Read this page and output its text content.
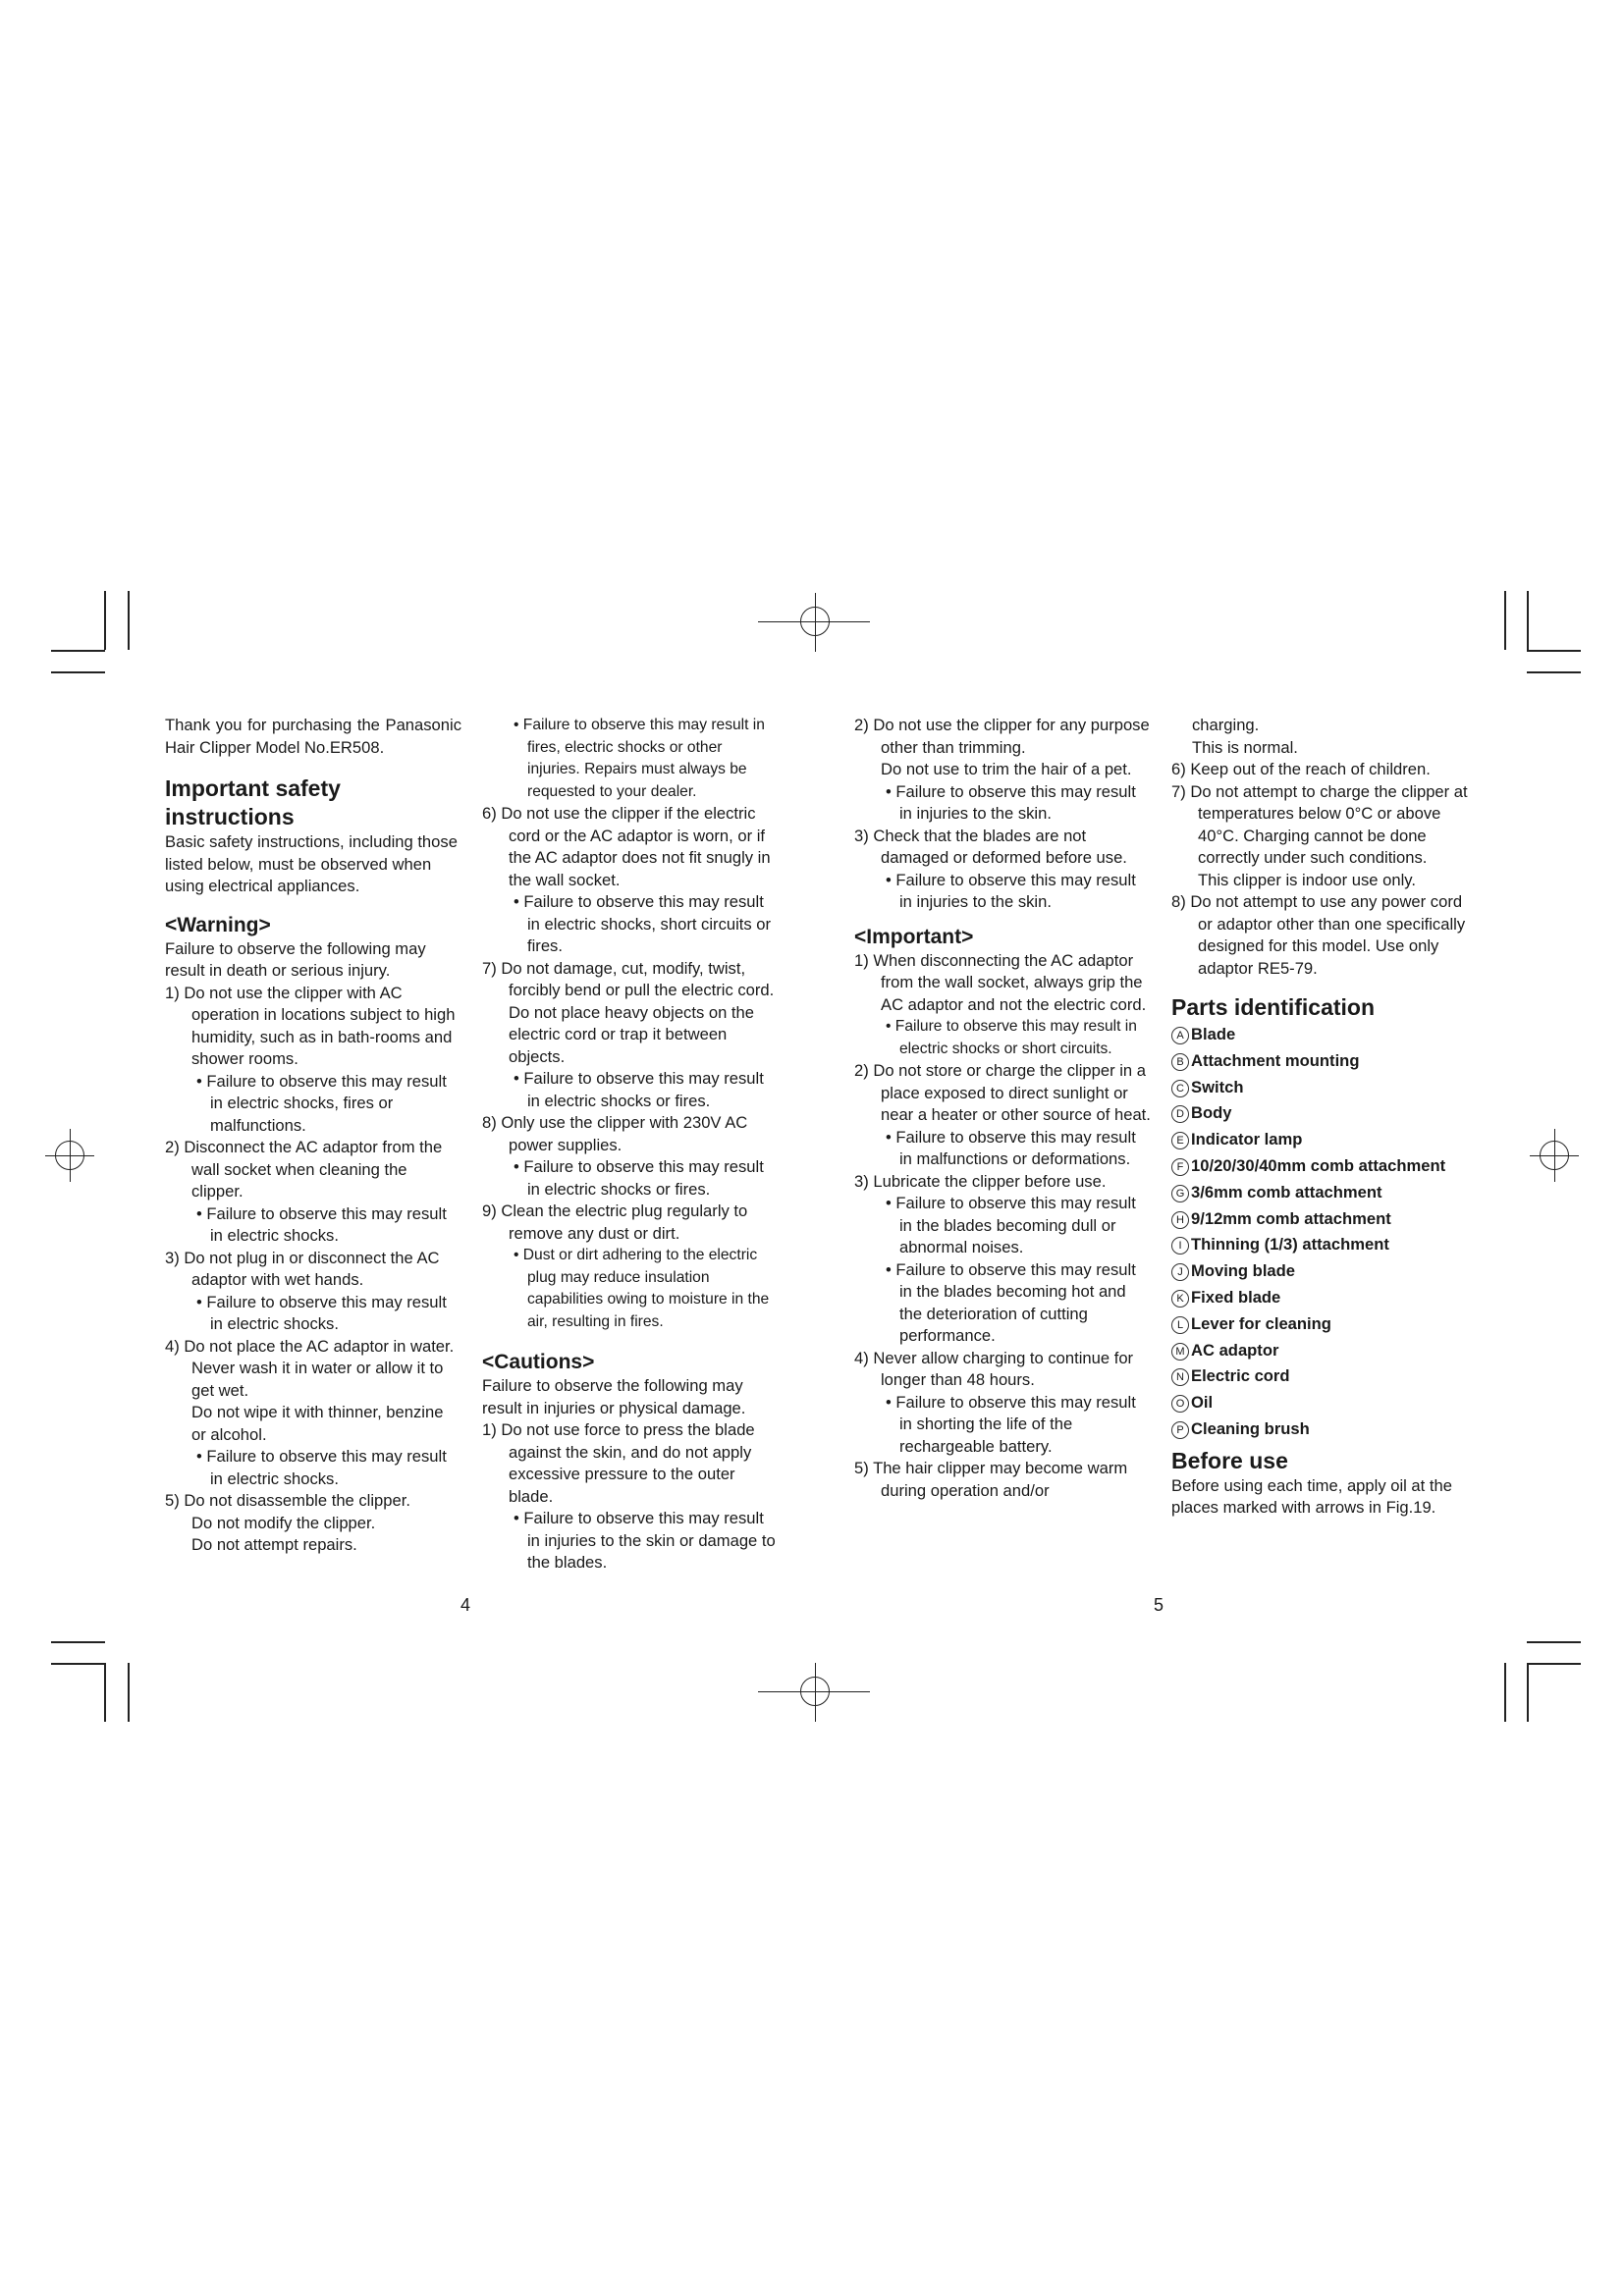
Thank you for purchasing the Panasonic Hair Clipper Model No.ER508.

Important safety instructions

Basic safety instructions, including those listed below, must be observed when using electrical appliances.

<Warning>

Failure to observe the following may result in death or serious injury.

1) Do not use the clipper with AC operation in locations subject to high humidity, such as in bath-rooms and shower rooms.

• Failure to observe this may result in electric shocks, fires or malfunctions.

2) Disconnect the AC adaptor from the wall socket when cleaning the clipper.

• Failure to observe this may result in electric shocks.

3) Do not plug in or disconnect the AC adaptor with wet hands.

• Failure to observe this may result in electric shocks.

4) Do not place the AC adaptor in water. Never wash it in water or allow it to get wet.

Do not wipe it with thinner, benzine or alcohol.

• Failure to observe this may result in electric shocks.

5) Do not disassemble the clipper.

Do not modify the clipper.

Do not attempt repairs.

• Failure to observe this may result in fires, electric shocks or other injuries. Repairs must always be requested to your dealer.

6) Do not use the clipper if the electric cord or the AC adaptor is worn, or if the AC adaptor does not fit snugly in the wall socket.

• Failure to observe this may result in electric shocks, short circuits or fires.

7) Do not damage, cut, modify, twist, forcibly bend or pull the electric cord. Do not place heavy objects on the electric cord or trap it between objects.

• Failure to observe this may result in electric shocks or fires.

8) Only use the clipper with 230V AC power supplies.

• Failure to observe this may result in electric shocks or fires.

9) Clean the electric plug regularly to remove any dust or dirt.

• Dust or dirt adhering to the electric plug may reduce insulation capabilities owing to moisture in the air, resulting in fires.

<Cautions>

Failure to observe the following may result in injuries or physical damage.

1) Do not use force to press the blade against the skin, and do not apply excessive pressure to the outer blade.

• Failure to observe this may result in injuries to the skin or damage to the blades.

4

2) Do not use the clipper for any purpose other than trimming.

Do not use to trim the hair of a pet.

• Failure to observe this may result in injuries to the skin.

3) Check that the blades are not damaged or deformed before use.

• Failure to observe this may result in injuries to the skin.

<Important>

1) When disconnecting the AC adaptor from the wall socket, always grip the AC adaptor and not the electric cord.

• Failure to observe this may result in electric shocks or short circuits.

2) Do not store or charge the clipper in a place exposed to direct sunlight or near a heater or other source of heat.

• Failure to observe this may result in malfunctions or deformations.

3) Lubricate the clipper before use.

• Failure to observe this may result in the blades becoming dull or abnormal noises.

• Failure to observe this may result in the blades becoming hot and the deterioration of cutting performance.

4) Never allow charging to continue for longer than 48 hours.

• Failure to observe this may result in shorting the life of the rechargeable battery.

5) The hair clipper may become warm during operation and/or

5

charging.

This is normal.

6) Keep out of the reach of children.

7) Do not attempt to charge the clipper at temperatures below 0°C or above 40°C. Charging cannot be done correctly under such conditions.

This clipper is indoor use only.

8) Do not attempt to use any power cord or adaptor other than one specifically designed for this model. Use only adaptor RE5-79.

Parts identification

A Blade
B Attachment mounting
C Switch
D Body
E Indicator lamp
F 10/20/30/40mm comb attachment
G 3/6mm comb attachment
H 9/12mm comb attachment
I Thinning (1/3) attachment
J Moving blade
K Fixed blade
L Lever for cleaning
M AC adaptor
N Electric cord
O Oil
P Cleaning brush

Before use

Before using each time, apply oil at the places marked with arrows in Fig.19.
